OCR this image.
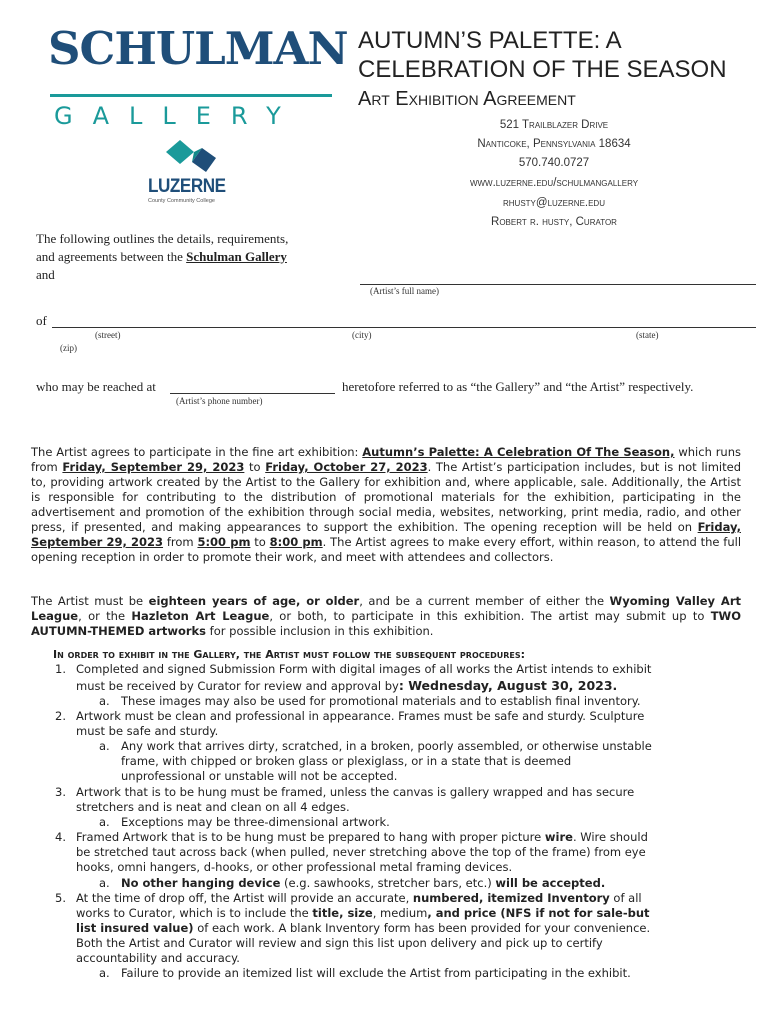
SCHULMAN
GALLERY
LUZERNE
County Community College
AUTUMN’S PALETTE: A CELEBRATION OF THE SEASON
Art Exhibition Agreement
521 Trailblazer Drive
Nanticoke, Pennsylvania 18634
570.740.0727
www.luzerne.edu/schulmangallery
rhusty@luzerne.edu
Robert r. husty, Curator
The following outlines the details, requirements,
and agreements between the Schulman Gallery
and
(Artist’s full name)
of
(street)	(city)	(state)
(zip)
who may be reached at
(Artist’s phone number)
heretofore referred to as “the Gallery” and “the Artist” respectively.
The Artist agrees to participate in the fine art exhibition: Autumn’s Palette: A Celebration Of The Season, which runs from Friday, September 29, 2023 to Friday, October 27, 2023. The Artist’s participation includes, but is not limited to, providing artwork created by the Artist to the Gallery for exhibition and, where applicable, sale. Additionally, the Artist is responsible for contributing to the distribution of promotional materials for the exhibition, participating in the advertisement and promotion of the exhibition through social media, websites, networking, print media, radio, and other press, if presented, and making appearances to support the exhibition. The opening reception will be held on Friday, September 29, 2023 from 5:00 pm to 8:00 pm. The Artist agrees to make every effort, within reason, to attend the full opening reception in order to promote their work, and meet with attendees and collectors.
The Artist must be eighteen years of age, or older, and be a current member of either the Wyoming Valley Art League, or the Hazleton Art League, or both, to participate in this exhibition. The artist may submit up to TWO AUTUMN-THEMED artworks for possible inclusion in this exhibition.
In order to exhibit in the Gallery, the Artist must follow the subsequent procedures:
1. Completed and signed Submission Form with digital images of all works the Artist intends to exhibit
must be received by Curator for review and approval by: Wednesday, August 30, 2023.
a. These images may also be used for promotional materials and to establish final inventory.
2. Artwork must be clean and professional in appearance. Frames must be safe and sturdy. Sculpture
must be safe and sturdy.
a. Any work that arrives dirty, scratched, in a broken, poorly assembled, or otherwise unstable
frame, with chipped or broken glass or plexiglass, or in a state that is deemed
unprofessional or unstable will not be accepted.
3. Artwork that is to be hung must be framed, unless the canvas is gallery wrapped and has secure
stretchers and is neat and clean on all 4 edges.
a. Exceptions may be three-dimensional artwork.
4. Framed Artwork that is to be hung must be prepared to hang with proper picture wire. Wire should
be stretched taut across back (when pulled, never stretching above the top of the frame) from eye
hooks, omni hangers, d-hooks, or other professional metal framing devices.
a. No other hanging device (e.g. sawhooks, stretcher bars, etc.) will be accepted.
5. At the time of drop off, the Artist will provide an accurate, numbered, itemized Inventory of all
works to Curator, which is to include the title, size, medium, and price (NFS if not for sale-but
list insured value) of each work. A blank Inventory form has been provided for your convenience.
Both the Artist and Curator will review and sign this list upon delivery and pick up to certify
accountability and accuracy.
a. Failure to provide an itemized list will exclude the Artist from participating in the exhibit.
